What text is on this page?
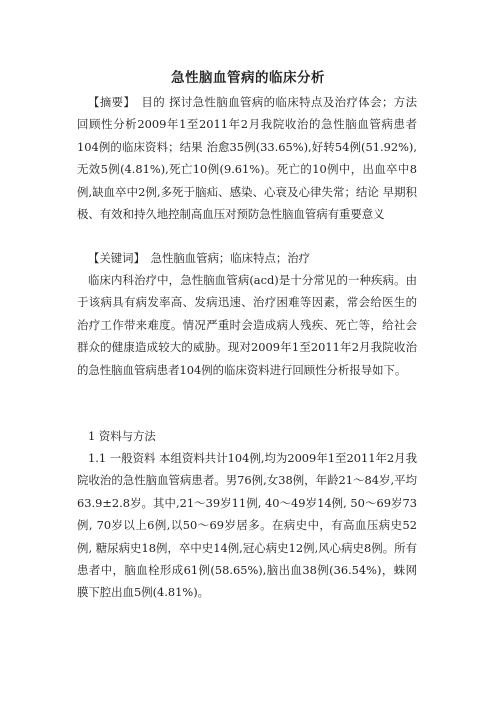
急性脑血管病的临床分析
【摘要】 目的 探讨急性脑血管病的临床特点及治疗体会；方法 回顾性分析2009年1至2011年2月我院收治的急性脑血管病患者104例的临床资料；结果 治愈35例(33.65%),好转54例(51.92%),无效5例(4.81%),死亡10例(9.61%)。死亡的10例中，出血卒中8例,缺血卒中2例,多死于脑疝、感染、心衰及心律失常；结论 早期积极、有效和持久地控制高血压对预防急性脑血管病有重要意义
【关键词】 急性脑血管病；临床特点；治疗
临床内科治疗中，急性脑血管病(acd)是十分常见的一种疾病。由于该病具有病发率高、发病迅速、治疗困难等因素，常会给医生的治疗工作带来难度。情况严重时会造成病人残疾、死亡等，给社会群众的健康造成较大的威胁。现对2009年1至2011年2月我院收治的急性脑血管病患者104例的临床资料进行回顾性分析报导如下。
1 资料与方法
1.1 一般资料 本组资料共计104例,均为2009年1至2011年2月我院收治的急性脑血管病患者。男76例,女38例，年龄21～84岁,平均63.9±2.8岁。其中,21～39岁11例, 40～49岁14例, 50～69岁73例, 70岁以上6例,以50～69岁居多。在病史中，有高血压病史52例, 糖尿病史18例，卒中史14例,冠心病史12例,风心病史8例。所有患者中，脑血栓形成61例(58.65%),脑出血38例(36.54%)，蛛网膜下腔出血5例(4.81%)。
